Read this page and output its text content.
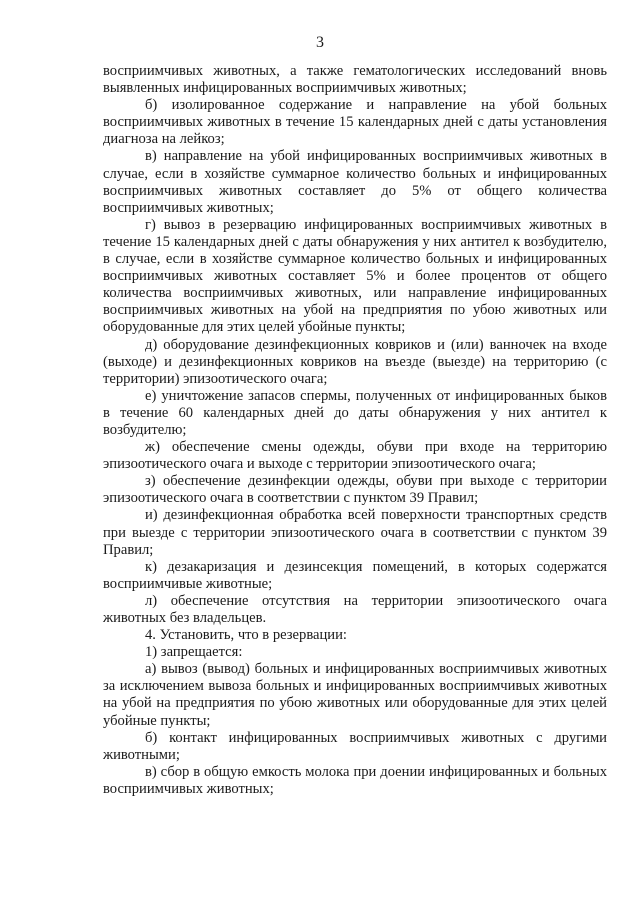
3

восприимчивых животных, а также гематологических исследований вновь выявленных инфицированных восприимчивых животных;

б) изолированное содержание и направление на убой больных восприимчивых животных в течение 15 календарных дней с даты установления диагноза на лейкоз;

в) направление на убой инфицированных восприимчивых животных в случае, если в хозяйстве суммарное количество больных и инфицированных восприимчивых животных составляет до 5% от общего количества восприимчивых животных;

г) вывоз в резервацию инфицированных восприимчивых животных в течение 15 календарных дней с даты обнаружения у них антител к возбудителю, в случае, если в хозяйстве суммарное количество больных и инфицированных восприимчивых животных составляет 5% и более процентов от общего количества восприимчивых животных, или направление инфицированных восприимчивых животных на убой на предприятия по убою животных или оборудованные для этих целей убойные пункты;

д) оборудование дезинфекционных ковриков и (или) ванночек на входе (выходе) и дезинфекционных ковриков на въезде (выезде) на территорию (с территории) эпизоотического очага;

е) уничтожение запасов спермы, полученных от инфицированных быков в течение 60 календарных дней до даты обнаружения у них антител к возбудителю;

ж) обеспечение смены одежды, обуви при входе на территорию эпизоотического очага и выходе с территории эпизоотического очага;

з) обеспечение дезинфекции одежды, обуви при выходе с территории эпизоотического очага в соответствии с пунктом 39 Правил;

и) дезинфекционная обработка всей поверхности транспортных средств при выезде с территории эпизоотического очага в соответствии с пунктом 39 Правил;

к) дезакаризация и дезинсекция помещений, в которых содержатся восприимчивые животные;

л) обеспечение отсутствия на территории эпизоотического очага животных без владельцев.

4. Установить, что в резервации:

1) запрещается:

а) вывоз (вывод) больных и инфицированных восприимчивых животных за исключением вывоза больных и инфицированных восприимчивых животных на убой на предприятия по убою животных или оборудованные для этих целей убойные пункты;

б) контакт инфицированных восприимчивых животных с другими животными;

в) сбор в общую емкость молока при доении инфицированных и больных восприимчивых животных;
